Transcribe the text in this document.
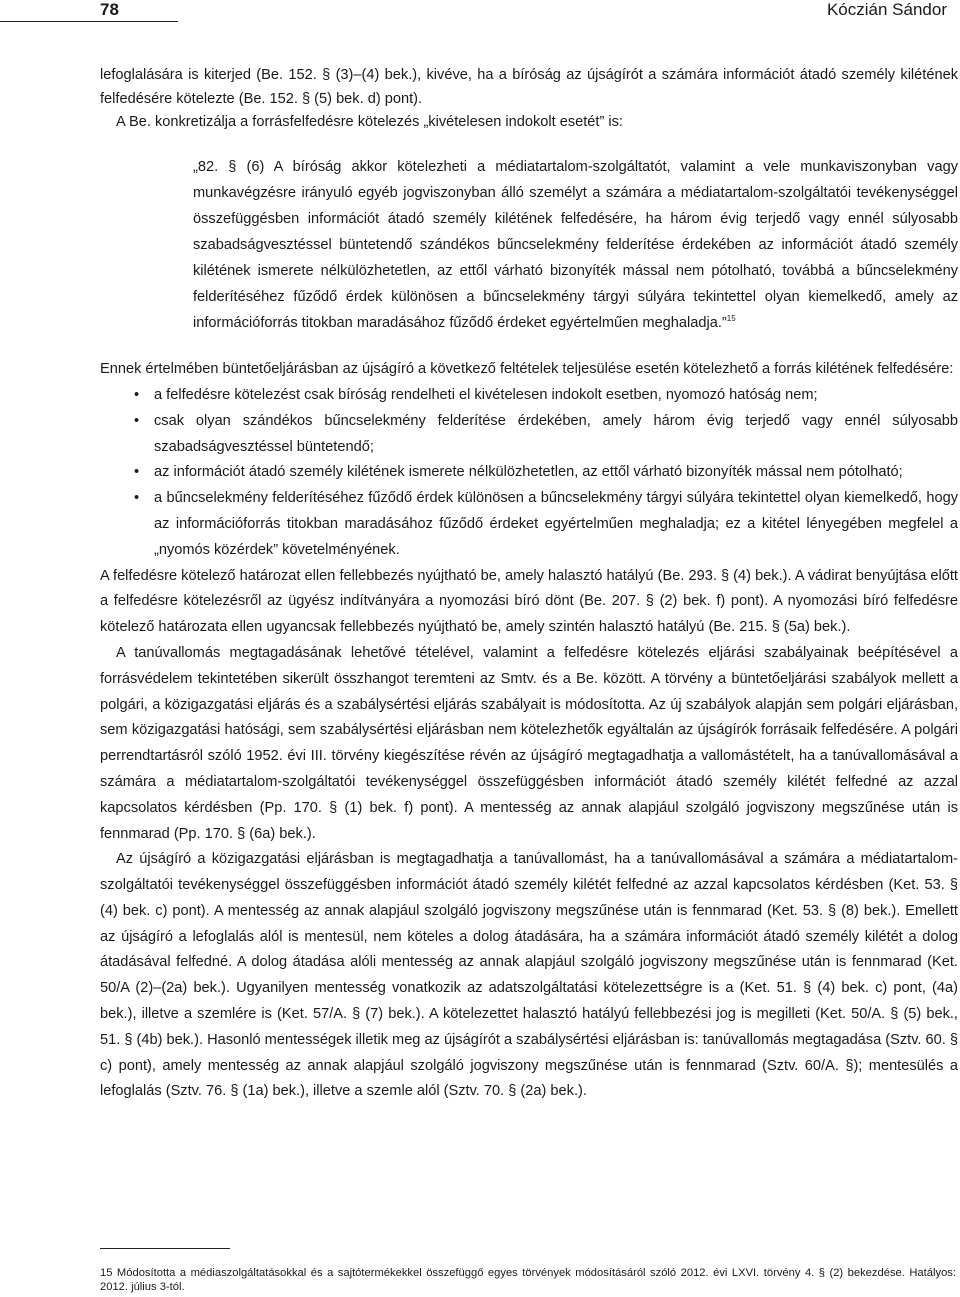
78	Kóczián Sándor

lefoglalására is kiterjed (Be. 152. § (3)–(4) bek.), kivéve, ha a bíróság az újságírót a számára információt átadó személy kilétének felfedésére kötelezte (Be. 152. § (5) bek. d) pont).

A Be. konkretizálja a forrásfelfedésre kötelezés „kivételesen indokolt esetét” is:

„82. § (6) A bíróság akkor kötelezheti a médiatartalom-szolgáltatót, valamint a vele munkaviszonyban vagy munkavégzésre irányuló egyéb jogviszonyban álló személyt a számára a médiatartalom-szolgáltatói tevékenységgel összefüggésben információt átadó személy kilétének felfedésére, ha három évig terjedő vagy ennél súlyosabb szabadságvesztéssel büntetendő szándékos bűncselekmény felderítése érdekében az információt átadó személy kilétének ismerete nélkülözhetetlen, az ettől várható bizonyíték mással nem pótolható, továbbá a bűncselekmény felderítéséhez fűződő érdek különösen a bűncselekmény tárgyi súlyára tekintettel olyan kiemelkedő, amely az információforrás titokban maradásához fűződő érdeket egyértelműen meghaladja.”$^{15}$

Ennek értelmében büntetőeljárásban az újságíró a következő feltételek teljesülése esetén kötelezhető a forrás kilétének felfedésére:

•	a felfedésre kötelezést csak bíróság rendelheti el kivételesen indokolt esetben, nyomozó hatóság nem;
•	csak olyan szándékos bűncselekmény felderítése érdekében, amely három évig terjedő vagy ennél súlyosabb szabadságvesztéssel büntetendő;
•	az információt átadó személy kilétének ismerete nélkülözhetetlen, az ettől várható bizonyíték mással nem pótolható;
•	a bűncselekmény felderítéséhez fűződő érdek különösen a bűncselekmény tárgyi súlyára tekintettel olyan kiemelkedő, hogy az információforrás titokban maradásához fűződő érdeket egyértelműen meghaladja; ez a kitétel lényegében megfelel a „nyomós közérdek” követelményének.

A felfedésre kötelező határozat ellen fellebbezés nyújtható be, amely halasztó hatályú (Be. 293. § (4) bek.). A vádirat benyújtása előtt a felfedésre kötelezésről az ügyész indítványára a nyomozási bíró dönt (Be. 207. § (2) bek. f) pont). A nyomozási bíró felfedésre kötelező határozata ellen ugyancsak fellebbezés nyújtható be, amely szintén halasztó hatályú (Be. 215. § (5a) bek.).

A tanúvallomás megtagadásának lehetővé tételével, valamint a felfedésre kötelezés eljárási szabályainak beépítésével a forrásvédelem tekintetében sikerült összhangot teremteni az Smtv. és a Be. között. A törvény a büntetőeljárási szabályok mellett a polgári, a közigazgatási eljárás és a szabálysértési eljárás szabályait is módosította. Az új szabályok alapján sem polgári eljárásban, sem közigazgatási hatósági, sem szabálysértési eljárásban nem kötelezhetők egyáltalán az újságírók forrásaik felfedésére. A polgári perrendtartásról szóló 1952. évi III. törvény kiegészítése révén az újságíró megtagadhatja a vallomástételt, ha a tanúvallomásával a számára a médiatartalom-szolgáltatói tevékenységgel összefüggésben információt átadó személy kilétét felfedné az azzal kapcsolatos kérdésben (Pp. 170. § (1) bek. f) pont). A mentesség az annak alapjául szolgáló jogviszony megszűnése után is fennmarad (Pp. 170. § (6a) bek.).

Az újságíró a közigazgatási eljárásban is megtagadhatja a tanúvallomást, ha a tanúvallomásával a számára a médiatartalom-szolgáltatói tevékenységgel összefüggésben információt átadó személy kilétét felfedné az azzal kapcsolatos kérdésben (Ket. 53. § (4) bek. c) pont). A mentesség az annak alapjául szolgáló jogviszony megszűnése után is fennmarad (Ket. 53. § (8) bek.). Emellett az újságíró a lefoglalás alól is mentesül, nem köteles a dolog átadására, ha a számára információt átadó személy kilétét a dolog átadásával felfedné. A dolog átadása alóli mentesség az annak alapjául szolgáló jogviszony megszűnése után is fennmarad (Ket. 50/A (2)–(2a) bek.). Ugyanilyen mentesség vonatkozik az adatszolgáltatási kötelezettségre is a (Ket. 51. § (4) bek. c) pont, (4a) bek.), illetve a szemlére is (Ket. 57/A. § (7) bek.). A kötelezettet halasztó hatályú fellebbezési jog is megilleti (Ket. 50/A. § (5) bek., 51. § (4b) bek.). Hasonló mentességek illetik meg az újságírót a szabálysértési eljárásban is: tanúvallomás megtagadása (Sztv. 60. § c) pont), amely mentesség az annak alapjául szolgáló jogviszony megszűnése után is fennmarad (Sztv. 60/A. §); mentesülés a lefoglalás (Sztv. 76. § (1a) bek.), illetve a szemle alól (Sztv. 70. § (2a) bek.).

15 Módosította a médiaszolgáltatásokkal és a sajtótermékekkel összefüggő egyes törvények módosításáról szóló 2012. évi LXVI. törvény 4. § (2) bekezdése. Hatályos: 2012. július 3-tól.
